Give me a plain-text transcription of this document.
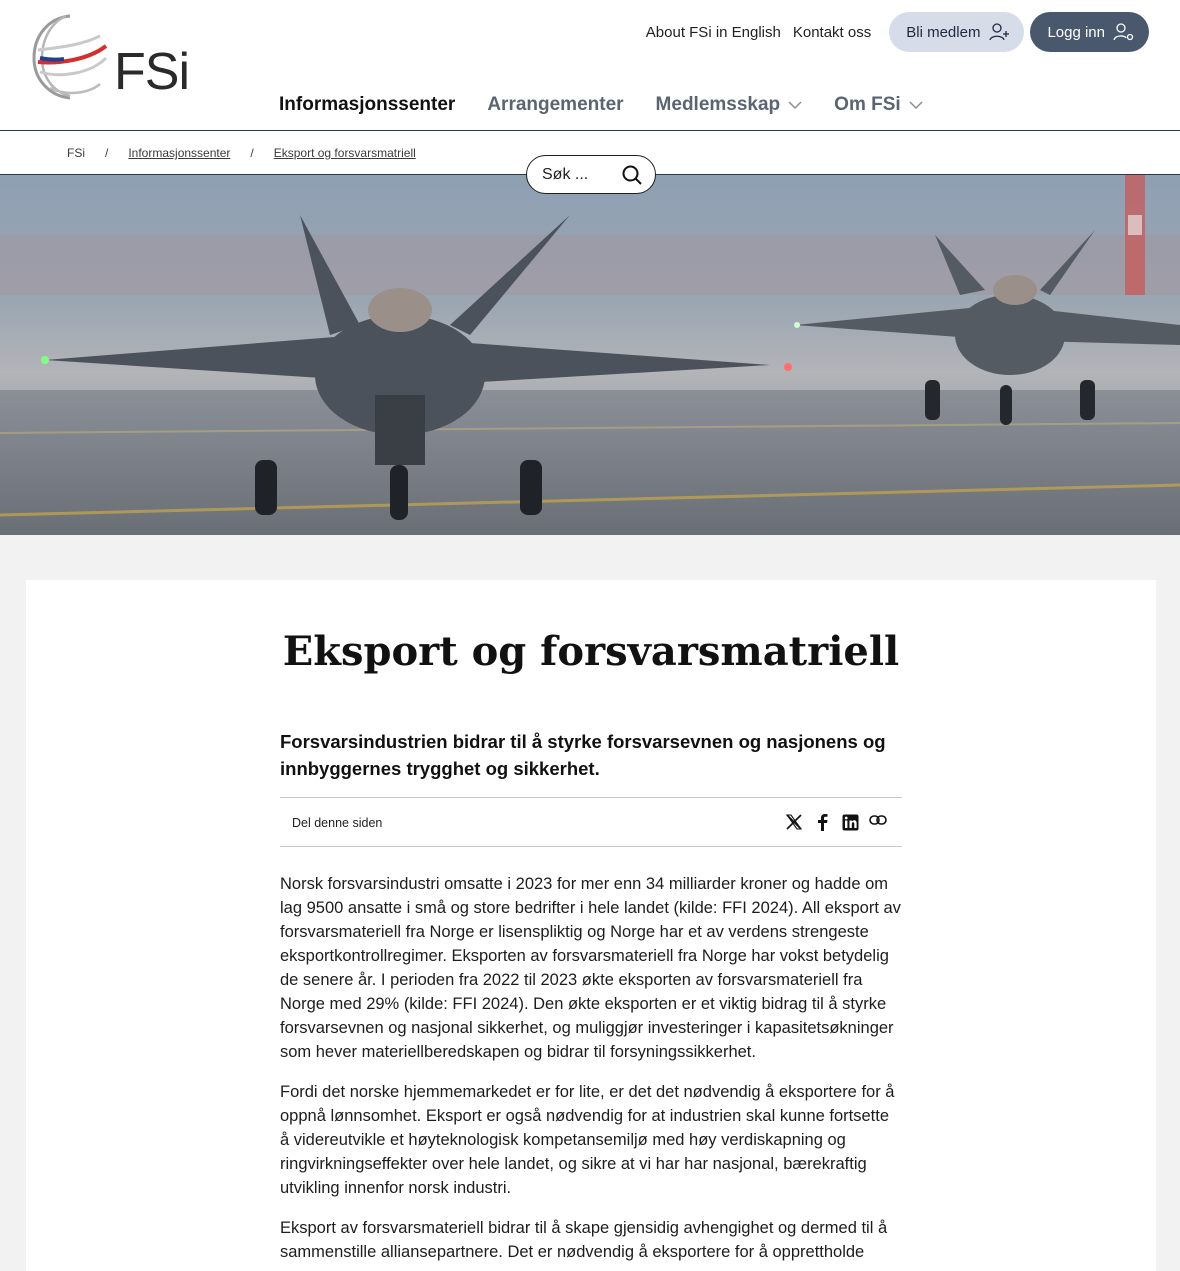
FSi
About FSi in English Kontakt oss Bli medlem	Logg inn
Informasjonssenter Arrangementer Medlemsskap	Om FSi
FSi / Informasjonssenter / Eksport og forsvarsmatriell
Søk ...
Eksport og forsvarsmatriell

Forsvarsindustrien bidrar til å styrke forsvarsevnen og nasjonens og innbyggernes trygghet og sikkerhet.

Del denne siden

Norsk forsvarsindustri omsatte i 2023 for mer enn 34 milliarder kroner og hadde om lag 9500 ansatte i små og store bedrifter i hele landet (kilde: FFI 2024). All eksport av forsvarsmateriell fra Norge er lisenspliktig og Norge har et av verdens strengeste eksportkontrollregimer. Eksporten av forsvarsmateriell fra Norge har vokst betydelig de senere år. I perioden fra 2022 til 2023 økte eksporten av forsvarsmateriell fra Norge med 29% (kilde: FFI 2024). Den økte eksporten er et viktig bidrag til å styrke forsvarsevnen og nasjonal sikkerhet, og muliggjør investeringer i kapasitetsøkninger som hever materiellberedskapen og bidrar til forsyningssikkerhet.

Fordi det norske hjemmemarkedet er for lite, er det det nødvendig å eksportere for å oppnå lønnsomhet. Eksport er også nødvendig for at industrien skal kunne fortsette å videreutvikle et høyteknologisk kompetansemiljø med høy verdiskapning og ringvirkningseffekter over hele landet, og sikre at vi har har nasjonal, bærekraftig utvikling innenfor norsk industri.

Eksport av forsvarsmateriell bidrar til å skape gjensidig avhengighet og dermed til å sammenstille alliansepartnere. Det er nødvendig å eksportere for å opprettholde
